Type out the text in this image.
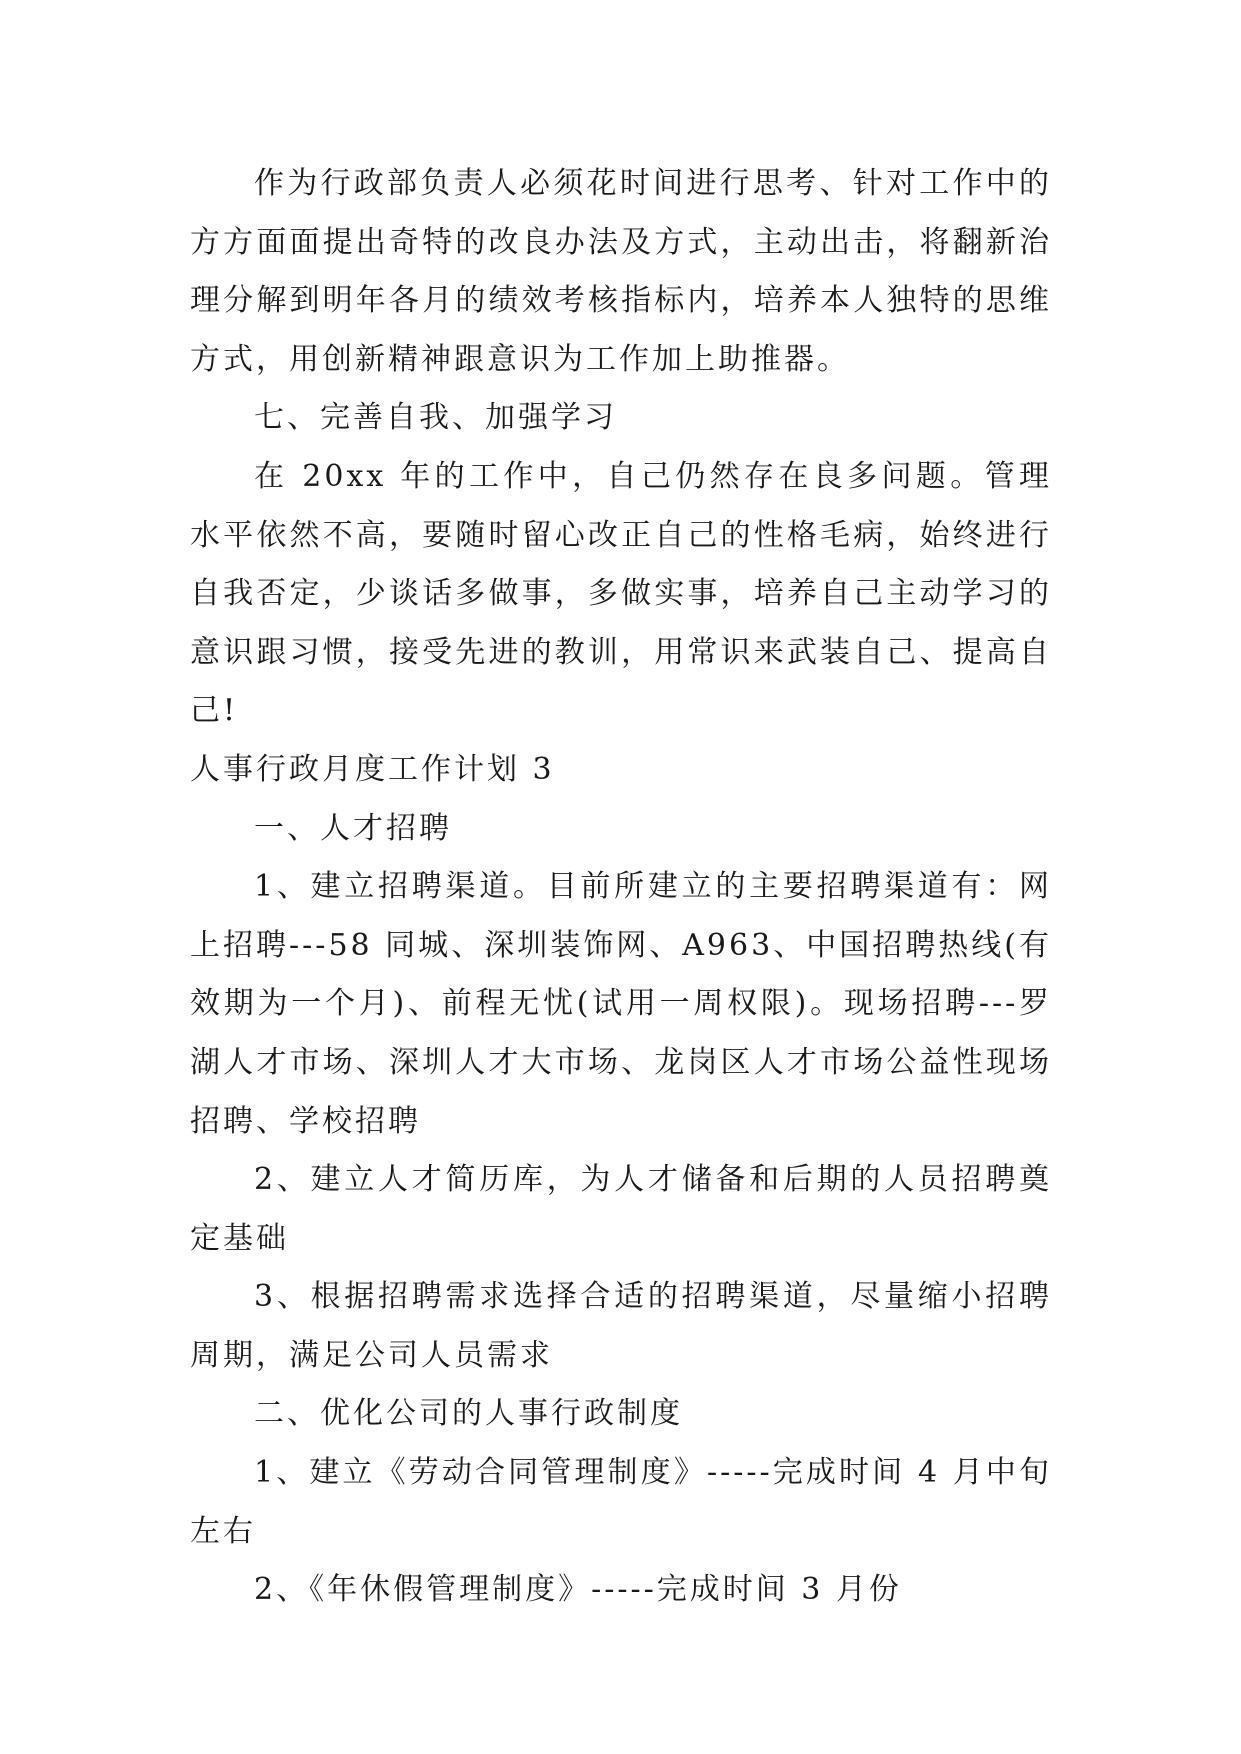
作为行政部负责人必须花时间进行思考、针对工作中的方方面面提出奇特的改良办法及方式，主动出击，将翻新治理分解到明年各月的绩效考核指标内，培养本人独特的思维方式，用创新精神跟意识为工作加上助推器。

七、完善自我、加强学习

在 20xx 年的工作中，自己仍然存在良多问题。管理水平依然不高，要随时留心改正自己的性格毛病，始终进行自我否定，少谈话多做事，多做实事，培养自己主动学习的意识跟习惯，接受先进的教训，用常识来武装自己、提高自己!

人事行政月度工作计划 3

一、人才招聘

1、建立招聘渠道。目前所建立的主要招聘渠道有：网上招聘---58 同城、深圳装饰网、A963、中国招聘热线(有效期为一个月)、前程无忧(试用一周权限)。现场招聘---罗湖人才市场、深圳人才大市场、龙岗区人才市场公益性现场招聘、学校招聘

2、建立人才简历库，为人才储备和后期的人员招聘奠定基础

3、根据招聘需求选择合适的招聘渠道，尽量缩小招聘周期，满足公司人员需求

二、优化公司的人事行政制度

1、建立《劳动合同管理制度》-----完成时间 4 月中旬左右

2、《年休假管理制度》-----完成时间 3 月份
